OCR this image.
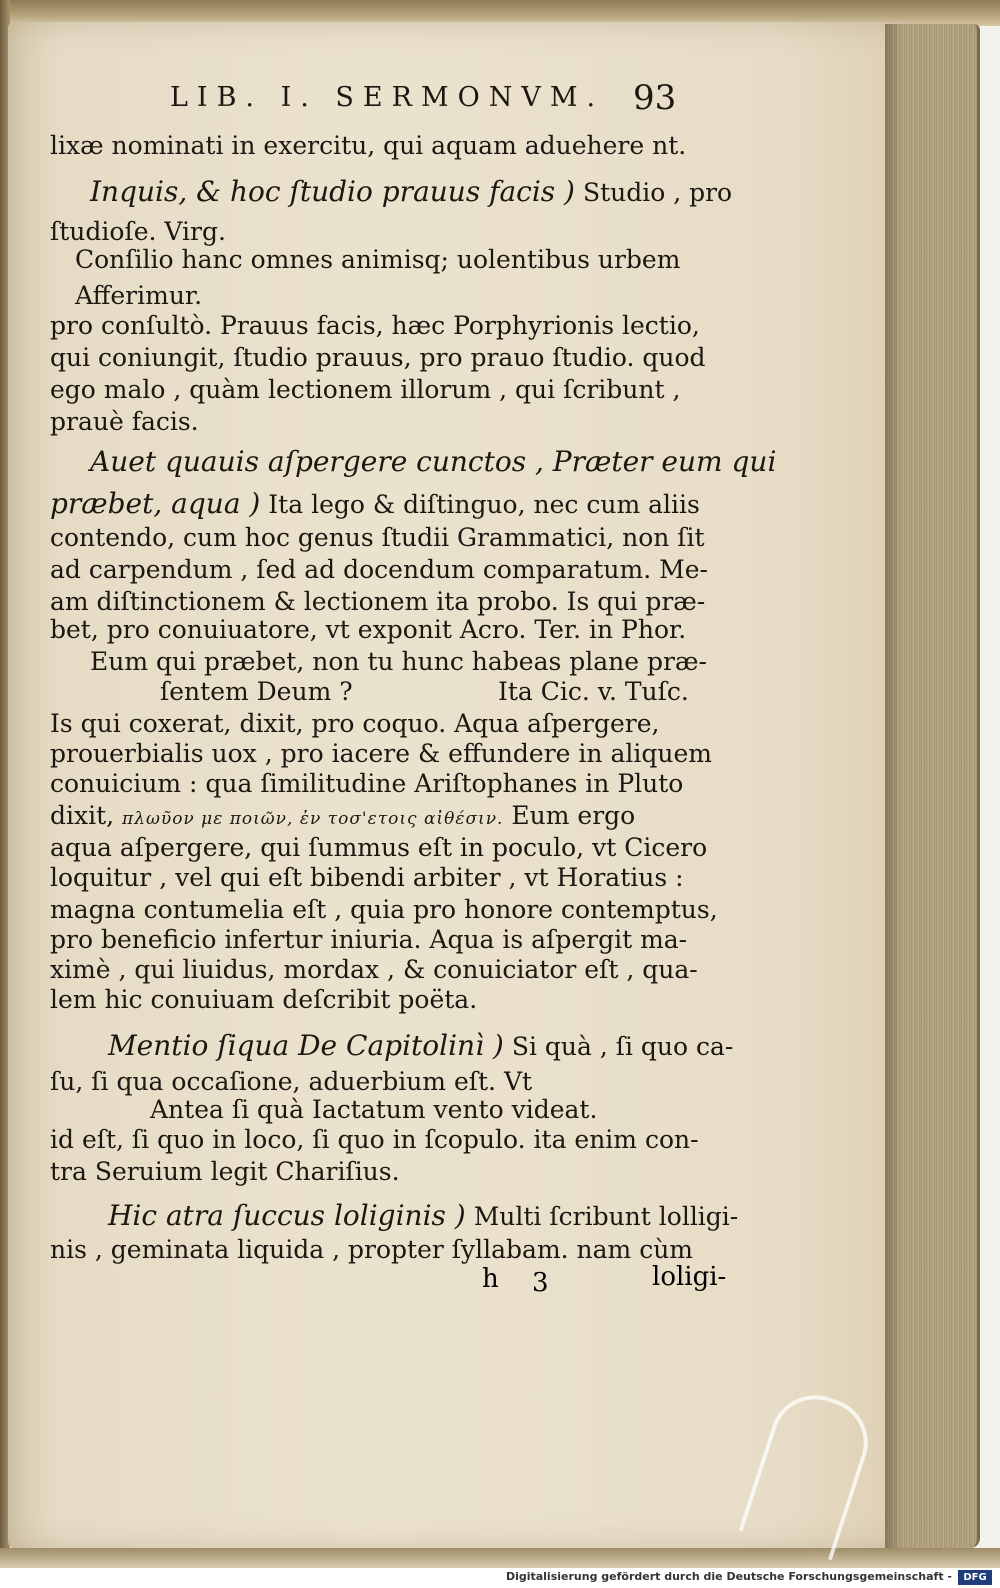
LIB. I. SERMONVM. 93
lixæ nominati in exercitu, qui aquam aduehere nt.
Inquis, & hoc ſtudio prauus facis ) Studio , pro
ſtudioſe. Virg.
Conſilio hanc omnes animisq; uolentibus urbem
Afferimur.
pro conſultò. Prauus facis, hæc Porphyrionis lectio,
qui coniungit, ſtudio prauus, pro prauo ſtudio. quod
ego malo , quàm lectionem illorum , qui ſcribunt ,
prauè facis.
Auet quauis aſpergere cunctos , Præter eum qui
præbet, aqua ) Ita lego & diſtinguo, nec cum aliis
contendo, cum hoc genus ſtudii Grammatici, non ſit
ad carpendum , ſed ad docendum comparatum. Me-
am diſtinctionem & lectionem ita probo. Is qui præ-
bet, pro conuiuatore, vt exponit Acro. Ter. in Phor.
Eum qui præbet, non tu hunc habeas plane præ-
ſentem Deum ?	Ita Cic. v. Tuſc.
Is qui coxerat, dixit, pro coquo. Aqua aſpergere,
prouerbialis uox , pro iacere & effundere in aliquem
conuicium : qua ſimilitudine Ariſtophanes in Pluto
dixit, πλωῦον με ποιῶν, ἐν τοσ'ετοις αἰθέσιν. Eum ergo
aqua aſpergere, qui ſummus eſt in poculo, vt Cicero
loquitur , vel qui eſt bibendi arbiter , vt Horatius :
magna contumelia eſt , quia pro honore contemptus,
pro beneficio infertur iniuria. Aqua is aſpergit ma-
ximè , qui liuidus, mordax , & conuiciator eſt , qua-
lem hic conuiuam deſcribit poëta.
Mentio ſiqua De Capitolinì ) Si quà , ſi quo ca-
ſu, ſi qua occaſione, aduerbium eſt. Vt
Antea ſi quà Iactatum vento videat.
id eſt, ſi quo in loco, ſi quo in ſcopulo. ita enim con-
tra Seruium legit Chariſius.
Hic atra ſuccus loliginis ) Multi ſcribunt lolligi-
nis , geminata liquida , propter ſyllabam. nam cùm
h 3	loligi-
Digitalisierung gefördert durch die Deutsche Forschungsgemeinschaft -	DFG
